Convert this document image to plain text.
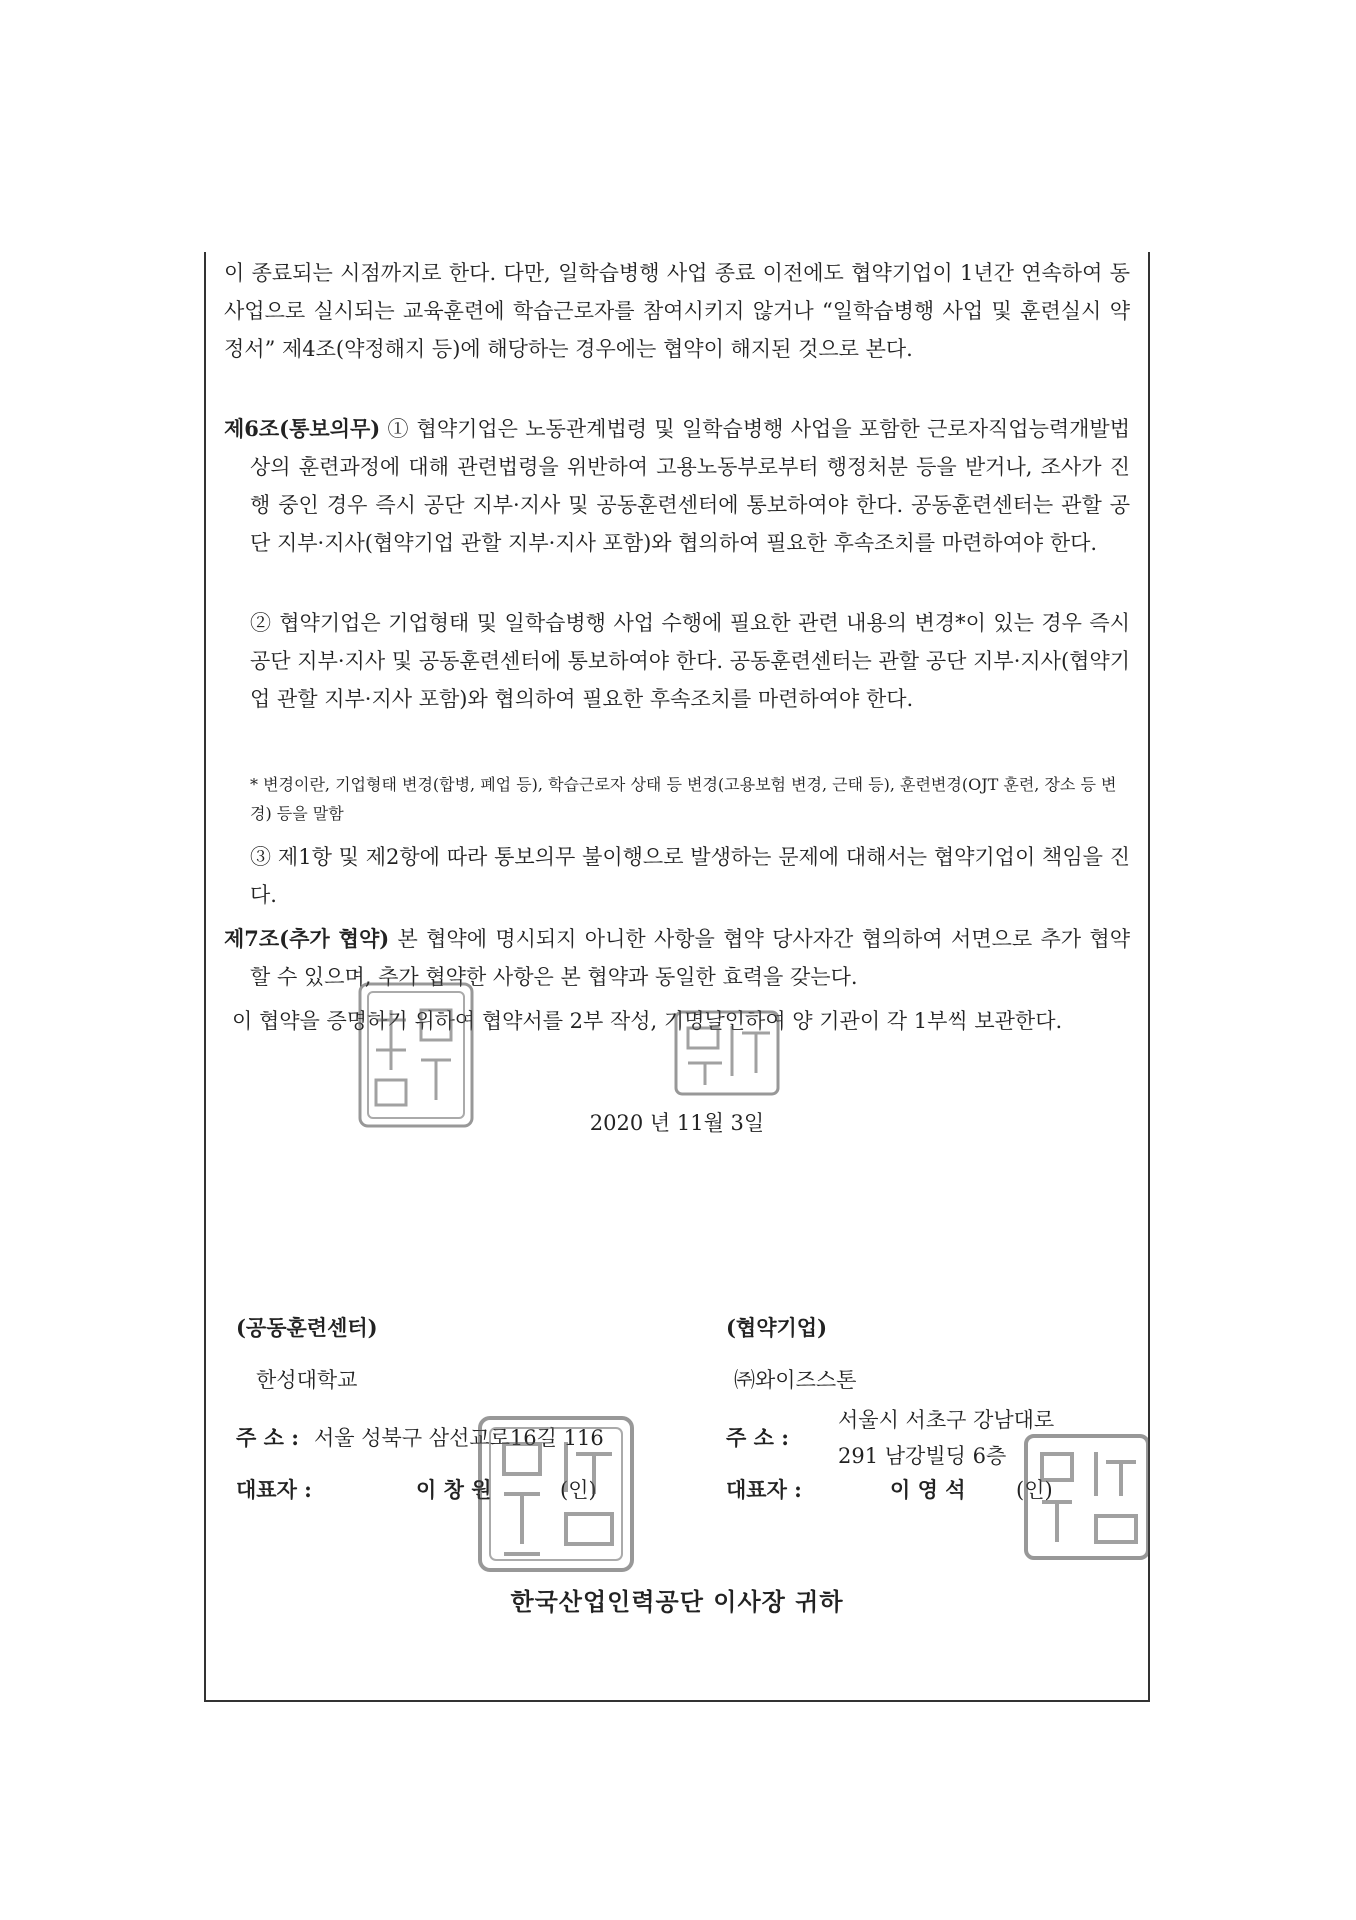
이 종료되는 시점까지로 한다. 다만, 일학습병행 사업 종료 이전에도 협약기업이 1년간 연속하여 동 사업으로 실시되는 교육훈련에 학습근로자를 참여시키지 않거나 “일학습병행 사업 및 훈련실시 약정서” 제4조(약정해지 등)에 해당하는 경우에는 협약이 해지된 것으로 본다.
제6조(통보의무) ① 협약기업은 노동관계법령 및 일학습병행 사업을 포함한 근로자직업능력개발법 상의 훈련과정에 대해 관련법령을 위반하여 고용노동부로부터 행정처분 등을 받거나, 조사가 진행 중인 경우 즉시 공단 지부·지사 및 공동훈련센터에 통보하여야 한다. 공동훈련센터는 관할 공단 지부·지사(협약기업 관할 지부·지사 포함)와 협의하여 필요한 후속조치를 마련하여야 한다.
② 협약기업은 기업형태 및 일학습병행 사업 수행에 필요한 관련 내용의 변경*이 있는 경우 즉시 공단 지부·지사 및 공동훈련센터에 통보하여야 한다. 공동훈련센터는 관할 공단 지부·지사(협약기업 관할 지부·지사 포함)와 협의하여 필요한 후속조치를 마련하여야 한다.
* 변경이란, 기업형태 변경(합병, 폐업 등), 학습근로자 상태 등 변경(고용보험 변경, 근태 등), 훈련변경(OJT 훈련, 장소 등 변경) 등을 말함
③ 제1항 및 제2항에 따라 통보의무 불이행으로 발생하는 문제에 대해서는 협약기업이 책임을 진다.
제7조(추가 협약) 본 협약에 명시되지 아니한 사항을 협약 당사자간 협의하여 서면으로 추가 협약할 수 있으며, 추가 협약한 사항은 본 협약과 동일한 효력을 갖는다.
이 협약을 증명하기 위하여 협약서를 2부 작성, 기명날인하여 양 기관이 각 1부씩 보관한다.
2020 년 11월 3일
(공동훈련센터)
한성대학교
주 소 : 서울 성북구 삼선교로16길 116
대표자 :	이 창 원	(인)
(협약기업)
㈜와이즈스톤
주 소 :
서울시 서초구 강남대로
291 남강빌딩 6층
대표자 :	이 영 석 (인)
한국산업인력공단 이사장 귀하
